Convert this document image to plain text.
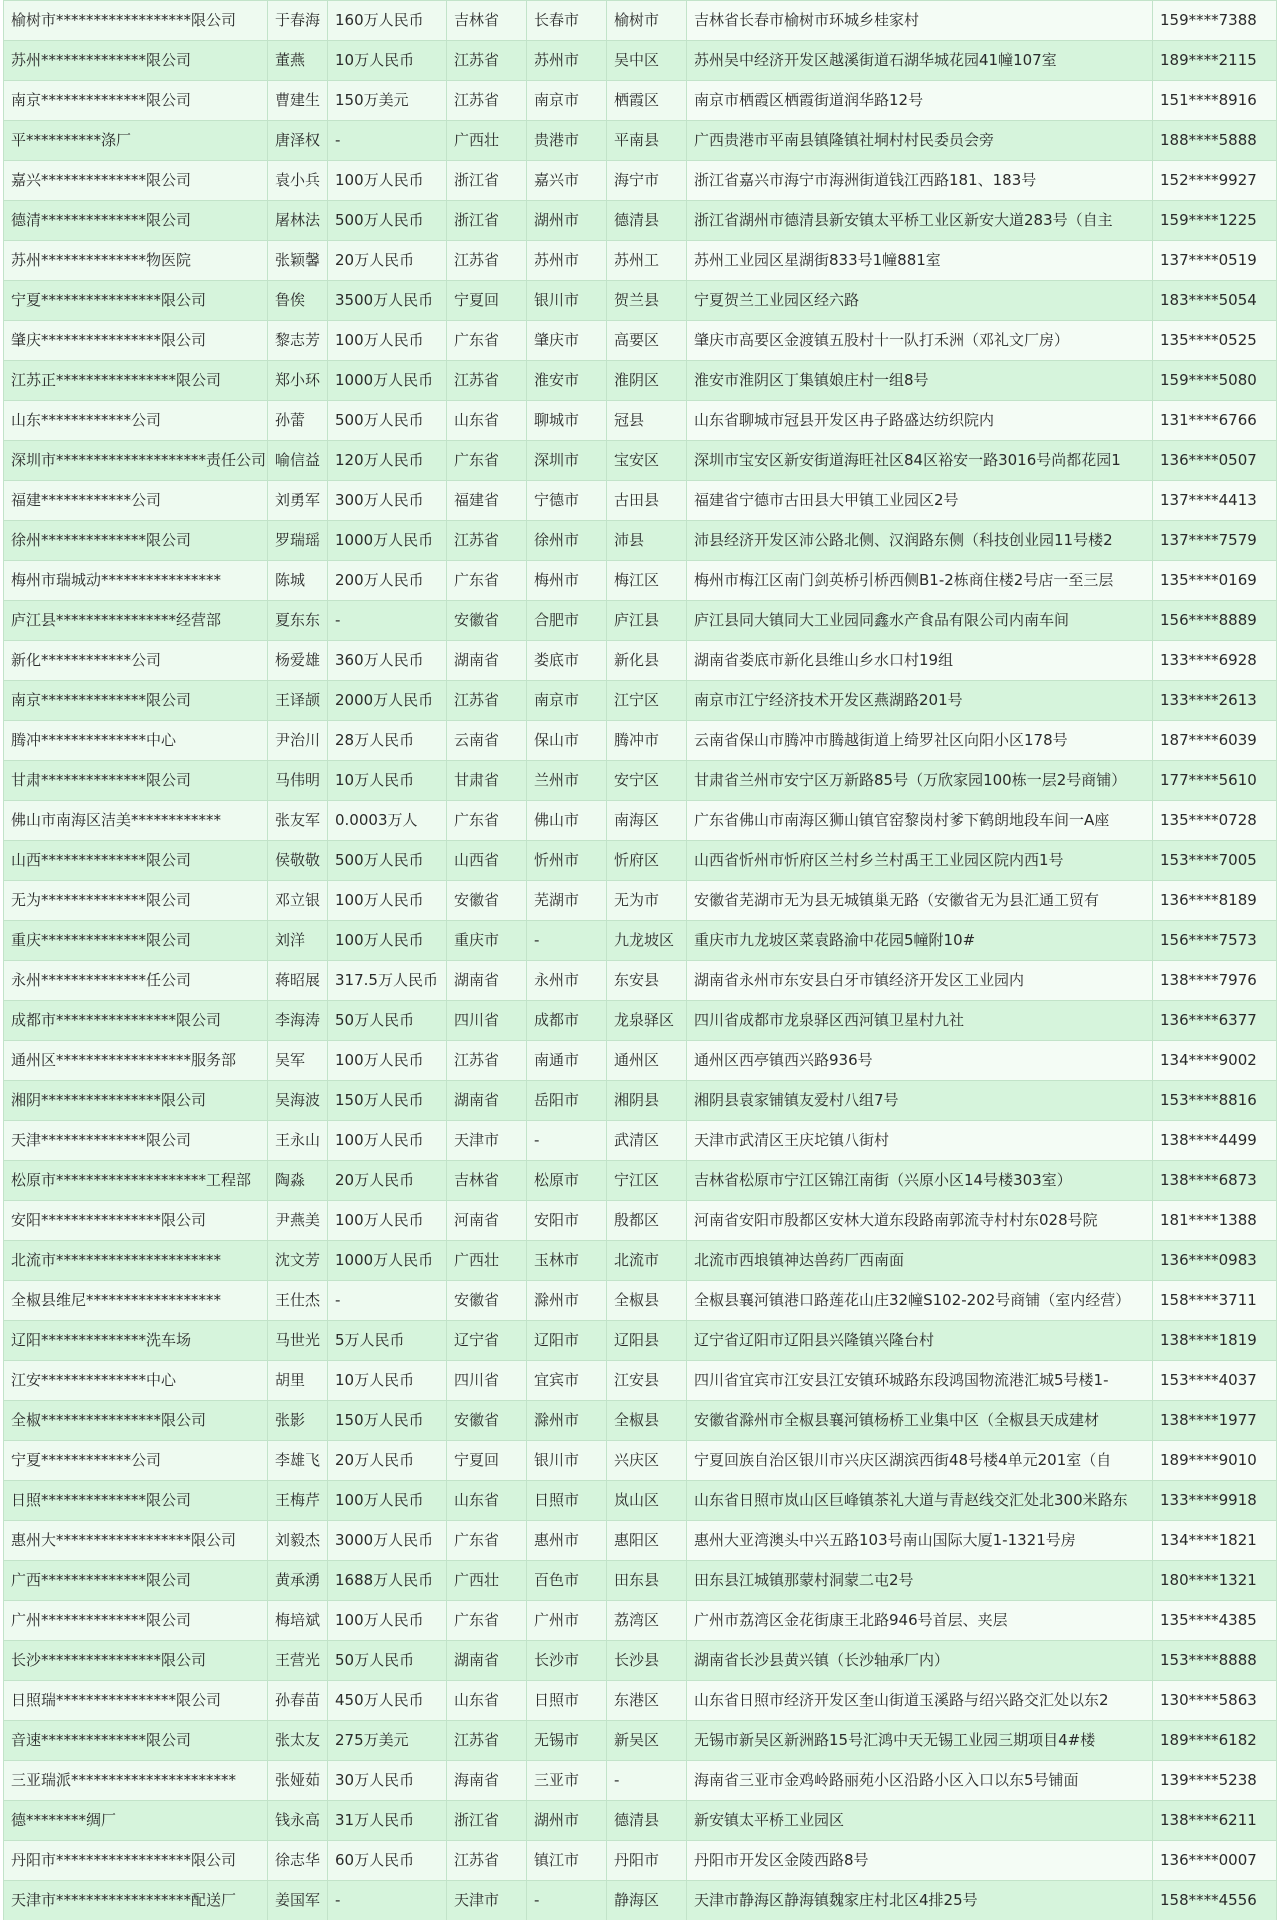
榆树市******************限公司	于春海	160万人民币	吉林省	长春市	榆树市	吉林省长春市榆树市环城乡桂家村	159****7388
苏州**************限公司	董燕	10万人民币	江苏省	苏州市	吴中区	苏州吴中经济开发区越溪街道石湖华城花园41幢107室	189****2115
南京**************限公司	曹建生	150万美元	江苏省	南京市	栖霞区	南京市栖霞区栖霞街道润华路12号	151****8916
平**********涤厂	唐泽权	-	广西壮	贵港市	平南县	广西贵港市平南县镇隆镇社垌村村民委员会旁	188****5888
嘉兴**************限公司	袁小兵	100万人民币	浙江省	嘉兴市	海宁市	浙江省嘉兴市海宁市海洲街道钱江西路181、183号	152****9927
德清**************限公司	屠林法	500万人民币	浙江省	湖州市	德清县	浙江省湖州市德清县新安镇太平桥工业区新安大道283号（自主	159****1225
苏州**************物医院	张颖馨	20万人民币	江苏省	苏州市	苏州工	苏州工业园区星湖街833号1幢881室	137****0519
宁夏****************限公司	鲁俟	3500万人民币	宁夏回	银川市	贺兰县	宁夏贺兰工业园区经六路	183****5054
肇庆****************限公司	黎志芳	100万人民币	广东省	肇庆市	高要区	肇庆市高要区金渡镇五股村十一队打禾洲（邓礼文厂房）	135****0525
江苏正****************限公司	郑小环	1000万人民币	江苏省	淮安市	淮阴区	淮安市淮阴区丁集镇娘庄村一组8号	159****5080
山东************公司	孙蕾	500万人民币	山东省	聊城市	冠县	山东省聊城市冠县开发区冉子路盛达纺织院内	131****6766
深圳市********************责任公司	喻信益	120万人民币	广东省	深圳市	宝安区	深圳市宝安区新安街道海旺社区84区裕安一路3016号尚都花园1	136****0507
福建************公司	刘勇军	300万人民币	福建省	宁德市	古田县	福建省宁德市古田县大甲镇工业园区2号	137****4413
徐州**************限公司	罗瑞瑶	1000万人民币	江苏省	徐州市	沛县	沛县经济开发区沛公路北侧、汉润路东侧（科技创业园11号楼2	137****7579
梅州市瑞城动****************	陈城	200万人民币	广东省	梅州市	梅江区	梅州市梅江区南门剑英桥引桥西侧B1-2栋商住楼2号店一至三层	135****0169
庐江县****************经营部	夏东东	-	安徽省	合肥市	庐江县	庐江县同大镇同大工业园同鑫水产食品有限公司内南车间	156****8889
新化************公司	杨爱雄	360万人民币	湖南省	娄底市	新化县	湖南省娄底市新化县维山乡水口村19组	133****6928
南京**************限公司	王译颉	2000万人民币	江苏省	南京市	江宁区	南京市江宁经济技术开发区燕湖路201号	133****2613
腾冲**************中心	尹治川	28万人民币	云南省	保山市	腾冲市	云南省保山市腾冲市腾越街道上绮罗社区向阳小区178号	187****6039
甘肃**************限公司	马伟明	10万人民币	甘肃省	兰州市	安宁区	甘肃省兰州市安宁区万新路85号（万欣家园100栋一层2号商铺）	177****5610
佛山市南海区洁美************	张友军	0.0003万人	广东省	佛山市	南海区	广东省佛山市南海区狮山镇官窑黎岗村爹下鹤朗地段车间一A座	135****0728
山西**************限公司	侯敬敬	500万人民币	山西省	忻州市	忻府区	山西省忻州市忻府区兰村乡兰村禹王工业园区院内西1号	153****7005
无为**************限公司	邓立银	100万人民币	安徽省	芜湖市	无为市	安徽省芜湖市无为县无城镇巢无路（安徽省无为县汇通工贸有	136****8189
重庆**************限公司	刘洋	100万人民币	重庆市	-	九龙坡区	重庆市九龙坡区菜袁路渝中花园5幢附10#	156****7573
永州**************任公司	蒋昭展	317.5万人民币	湖南省	永州市	东安县	湖南省永州市东安县白牙市镇经济开发区工业园内	138****7976
成都市****************限公司	李海涛	50万人民币	四川省	成都市	龙泉驿区	四川省成都市龙泉驿区西河镇卫星村九社	136****6377
通州区******************服务部	吴军	100万人民币	江苏省	南通市	通州区	通州区西亭镇西兴路936号	134****9002
湘阴****************限公司	吴海波	150万人民币	湖南省	岳阳市	湘阴县	湘阴县袁家铺镇友爱村八组7号	153****8816
天津**************限公司	王永山	100万人民币	天津市	-	武清区	天津市武清区王庆坨镇八街村	138****4499
松原市********************工程部	陶淼	20万人民币	吉林省	松原市	宁江区	吉林省松原市宁江区锦江南街（兴原小区14号楼303室）	138****6873
安阳****************限公司	尹燕美	100万人民币	河南省	安阳市	殷都区	河南省安阳市殷都区安林大道东段路南郭流寺村村东028号院	181****1388
北流市**********************	沈文芳	1000万人民币	广西壮	玉林市	北流市	北流市西埌镇神达兽药厂西南面	136****0983
全椒县维尼******************	王仕杰	-	安徽省	滁州市	全椒县	全椒县襄河镇港口路莲花山庄32幢S102-202号商铺（室内经营）	158****3711
辽阳**************洗车场	马世光	5万人民币	辽宁省	辽阳市	辽阳县	辽宁省辽阳市辽阳县兴隆镇兴隆台村	138****1819
江安**************中心	胡里	10万人民币	四川省	宜宾市	江安县	四川省宜宾市江安县江安镇环城路东段鸿国物流港汇城5号楼1-	153****4037
全椒****************限公司	张影	150万人民币	安徽省	滁州市	全椒县	安徽省滁州市全椒县襄河镇杨桥工业集中区（全椒县天成建材	138****1977
宁夏************公司	李雄飞	20万人民币	宁夏回	银川市	兴庆区	宁夏回族自治区银川市兴庆区湖滨西街48号楼4单元201室（自	189****9010
日照**************限公司	王梅芹	100万人民币	山东省	日照市	岚山区	山东省日照市岚山区巨峰镇茶礼大道与青赵线交汇处北300米路东	133****9918
惠州大******************限公司	刘毅杰	3000万人民币	广东省	惠州市	惠阳区	惠州大亚湾澳头中兴五路103号南山国际大厦1-1321号房	134****1821
广西**************限公司	黄承湧	1688万人民币	广西壮	百色市	田东县	田东县江城镇那蒙村洞蒙二屯2号	180****1321
广州**************限公司	梅培斌	100万人民币	广东省	广州市	荔湾区	广州市荔湾区金花街康王北路946号首层、夹层	135****4385
长沙****************限公司	王营光	50万人民币	湖南省	长沙市	长沙县	湖南省长沙县黄兴镇（长沙轴承厂内）	153****8888
日照瑞****************限公司	孙春苗	450万人民币	山东省	日照市	东港区	山东省日照市经济开发区奎山街道玉溪路与绍兴路交汇处以东2	130****5863
音速**************限公司	张太友	275万美元	江苏省	无锡市	新吴区	无锡市新吴区新洲路15号汇鸿中天无锡工业园三期项目4#楼	189****6182
三亚瑞派**********************	张娅茹	30万人民币	海南省	三亚市	-	海南省三亚市金鸡岭路丽苑小区沿路小区入口以东5号铺面	139****5238
德********绸厂	钱永高	31万人民币	浙江省	湖州市	德清县	新安镇太平桥工业园区	138****6211
丹阳市******************限公司	徐志华	60万人民币	江苏省	镇江市	丹阳市	丹阳市开发区金陵西路8号	136****0007
天津市******************配送厂	姜国军	-	天津市	-	静海区	天津市静海区静海镇魏家庄村北区4排25号	158****4556
